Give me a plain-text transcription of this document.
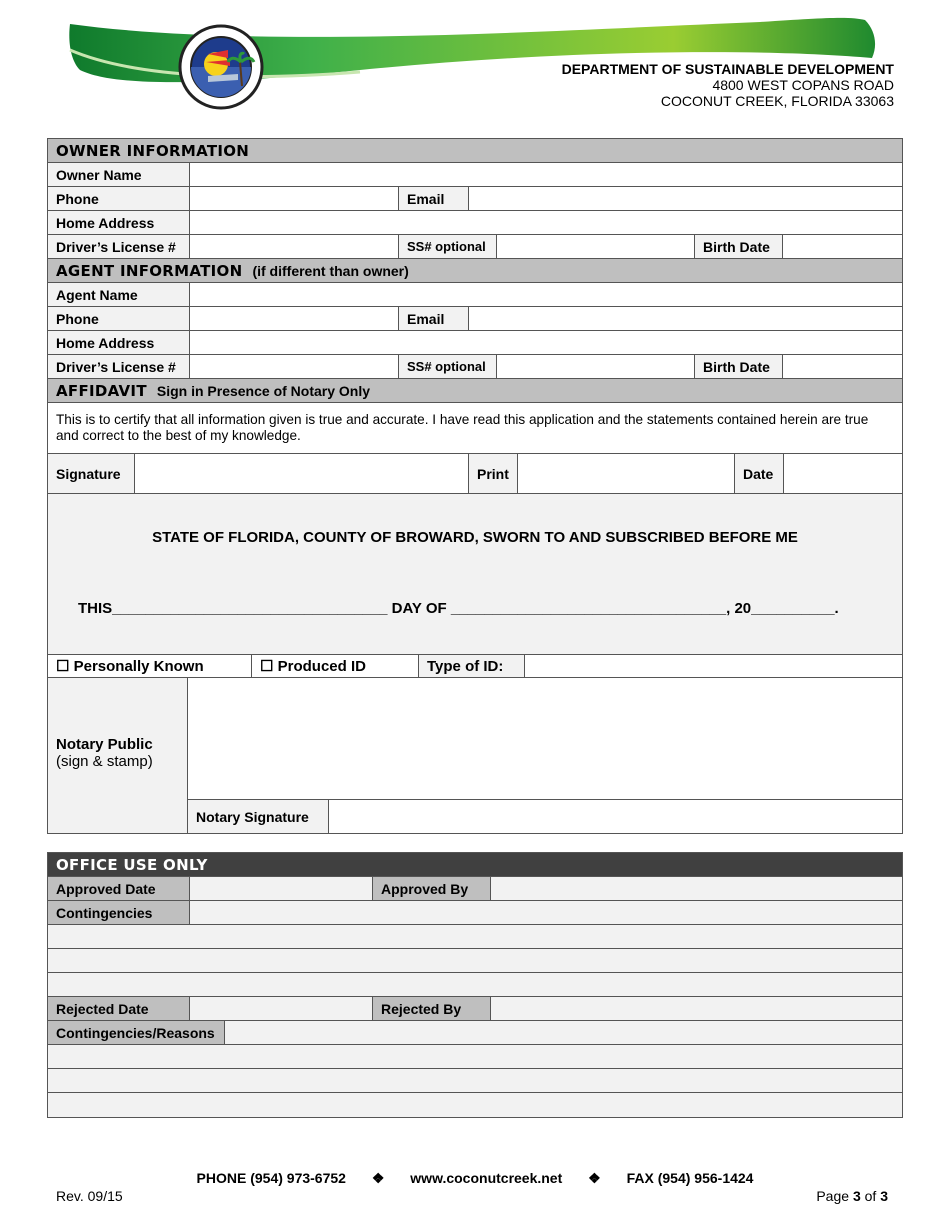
DEPARTMENT OF SUSTAINABLE DEVELOPMENT
4800 WEST COPANS ROAD
COCONUT CREEK, FLORIDA 33063
OWNER INFORMATION
Owner Name
Phone	Email
Home Address
Driver’s License #	SS# optional	Birth Date
AGENT INFORMATION (if different than owner)
Agent Name
Phone	Email
Home Address
Driver’s License #	SS# optional	Birth Date
AFFIDAVIT Sign in Presence of Notary Only
This is to certify that all information given is true and accurate. I have read this application and the statements contained herein are true and correct to the best of my knowledge.
Signature	Print	Date
STATE OF FLORIDA, COUNTY OF BROWARD, SWORN TO AND SUBSCRIBED BEFORE ME
THIS_________________________________ DAY OF _________________________________, 20__________.
☐ Personally Known	☐ Produced ID	Type of ID:
Notary Public
(sign & stamp)
Notary Signature
OFFICE USE ONLY
Approved Date	Approved By
Contingencies
Rejected Date	Rejected By
Contingencies/Reasons
PHONE (954) 973-6752 ❖ www.coconutcreek.net ❖ FAX (954) 956-1424
Rev. 09/15	Page 3 of 3
